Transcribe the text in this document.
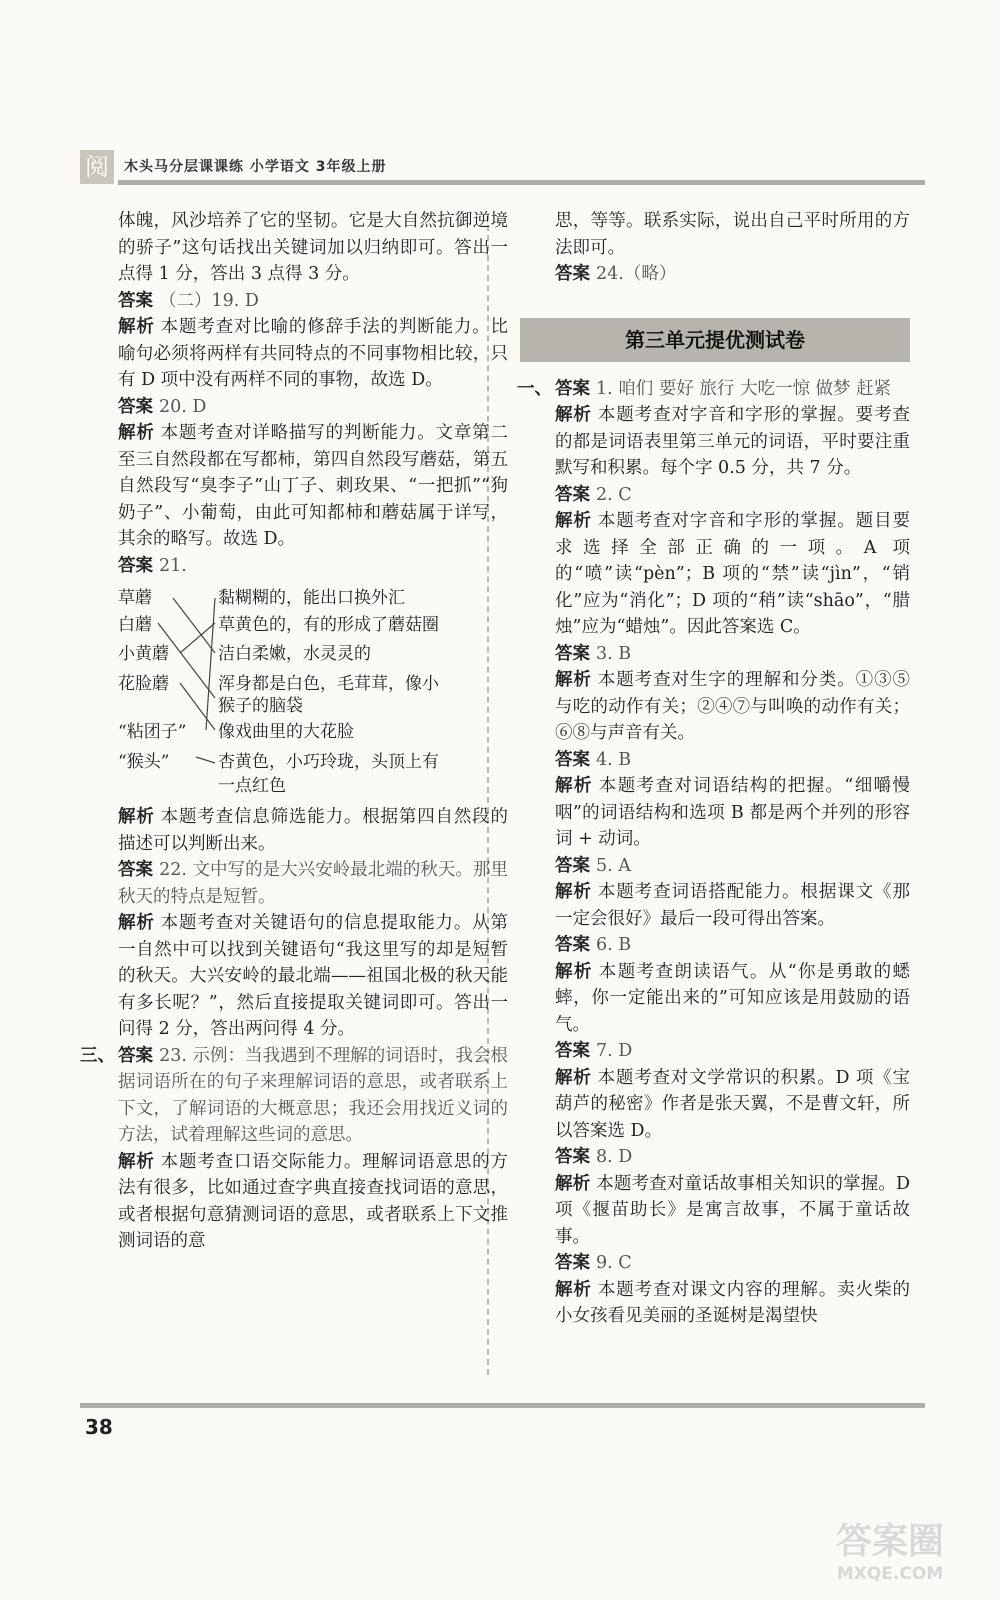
阅	木头马分层课课练 小学语文 3年级上册

体魄，风沙培养了它的坚韧。它是大自然抗御逆境的骄子”这句话找出关键词加以归纳即可。答出一点得 1 分，答出 3 点得 3 分。

答案 （二）19. D

解析 本题考查对比喻的修辞手法的判断能力。比喻句必须将两样有共同特点的不同事物相比较，只有 D 项中没有两样不同的事物，故选 D。

答案 20. D

解析 本题考查对详略描写的判断能力。文章第二至三自然段都在写都柿，第四自然段写蘑菇，第五自然段写“臭李子”山丁子、刺玫果、“一把抓”“狗奶子”、小葡萄，由此可知都柿和蘑菇属于详写，其余的略写。故选 D。

答案 21.

草蘑
白蘑
小黄蘑
花脸蘑
“粘团子”
“猴头”
黏糊糊的，能出口换外汇
草黄色的，有的形成了蘑菇圈
洁白柔嫩，水灵灵的
浑身都是白色，毛茸茸，像小
猴子的脑袋
像戏曲里的大花脸
杏黄色，小巧玲珑，头顶上有
一点红色

解析 本题考查信息筛选能力。根据第四自然段的描述可以判断出来。

答案 22. 文中写的是大兴安岭最北端的秋天。那里秋天的特点是短暂。

解析 本题考查对关键语句的信息提取能力。从第一自然中可以找到关键语句“我这里写的却是短暂的秋天。大兴安岭的最北端——祖国北极的秋天能有多长呢？”，然后直接提取关键词即可。答出一问得 2 分，答出两问得 4 分。

三、 答案 23. 示例：当我遇到不理解的词语时，我会根据词语所在的句子来理解词语的意思，或者联系上下文，了解词语的大概意思；我还会用找近义词的方法，试着理解这些词的意思。

解析 本题考查口语交际能力。理解词语意思的方法有很多，比如通过查字典直接查找词语的意思，或者根据句意猜测词语的意思，或者联系上下文推测词语的意

思，等等。联系实际，说出自己平时所用的方法即可。

答案 24.（略）

第三单元提优测试卷

一、 答案 1. 咱们 要好 旅行 大吃一惊 做梦 赶紧

解析 本题考查对字音和字形的掌握。要考查的都是词语表里第三单元的词语，平时要注重默写和积累。每个字 0.5 分，共 7 分。

答案 2. C

解析 本题考查对字音和字形的掌握。题目要求选择全部正确的一项。A 项的“喷”读“pèn”；B 项的“禁”读“jìn”，“销化”应为“消化”；D 项的“稍”读“shāo”，“腊烛”应为“蜡烛”。因此答案选 C。

答案 3. B

解析 本题考查对生字的理解和分类。①③⑤与吃的动作有关；②④⑦与叫唤的动作有关；⑥⑧与声音有关。

答案 4. B

解析 本题考查对词语结构的把握。“细嚼慢咽”的词语结构和选项 B 都是两个并列的形容词 + 动词。

答案 5. A

解析 本题考查词语搭配能力。根据课文《那一定会很好》最后一段可得出答案。

答案 6. B

解析 本题考查朗读语气。从“你是勇敢的蟋蟀，你一定能出来的”可知应该是用鼓励的语气。

答案 7. D

解析 本题考查对文学常识的积累。D 项《宝葫芦的秘密》作者是张天翼，不是曹文轩，所以答案选 D。

答案 8. D

解析 本题考查对童话故事相关知识的掌握。D 项《揠苗助长》是寓言故事，不属于童话故事。

答案 9. C

解析 本题考查对课文内容的理解。卖火柴的小女孩看见美丽的圣诞树是渴望快

38
答案圈
MXQE.COM
